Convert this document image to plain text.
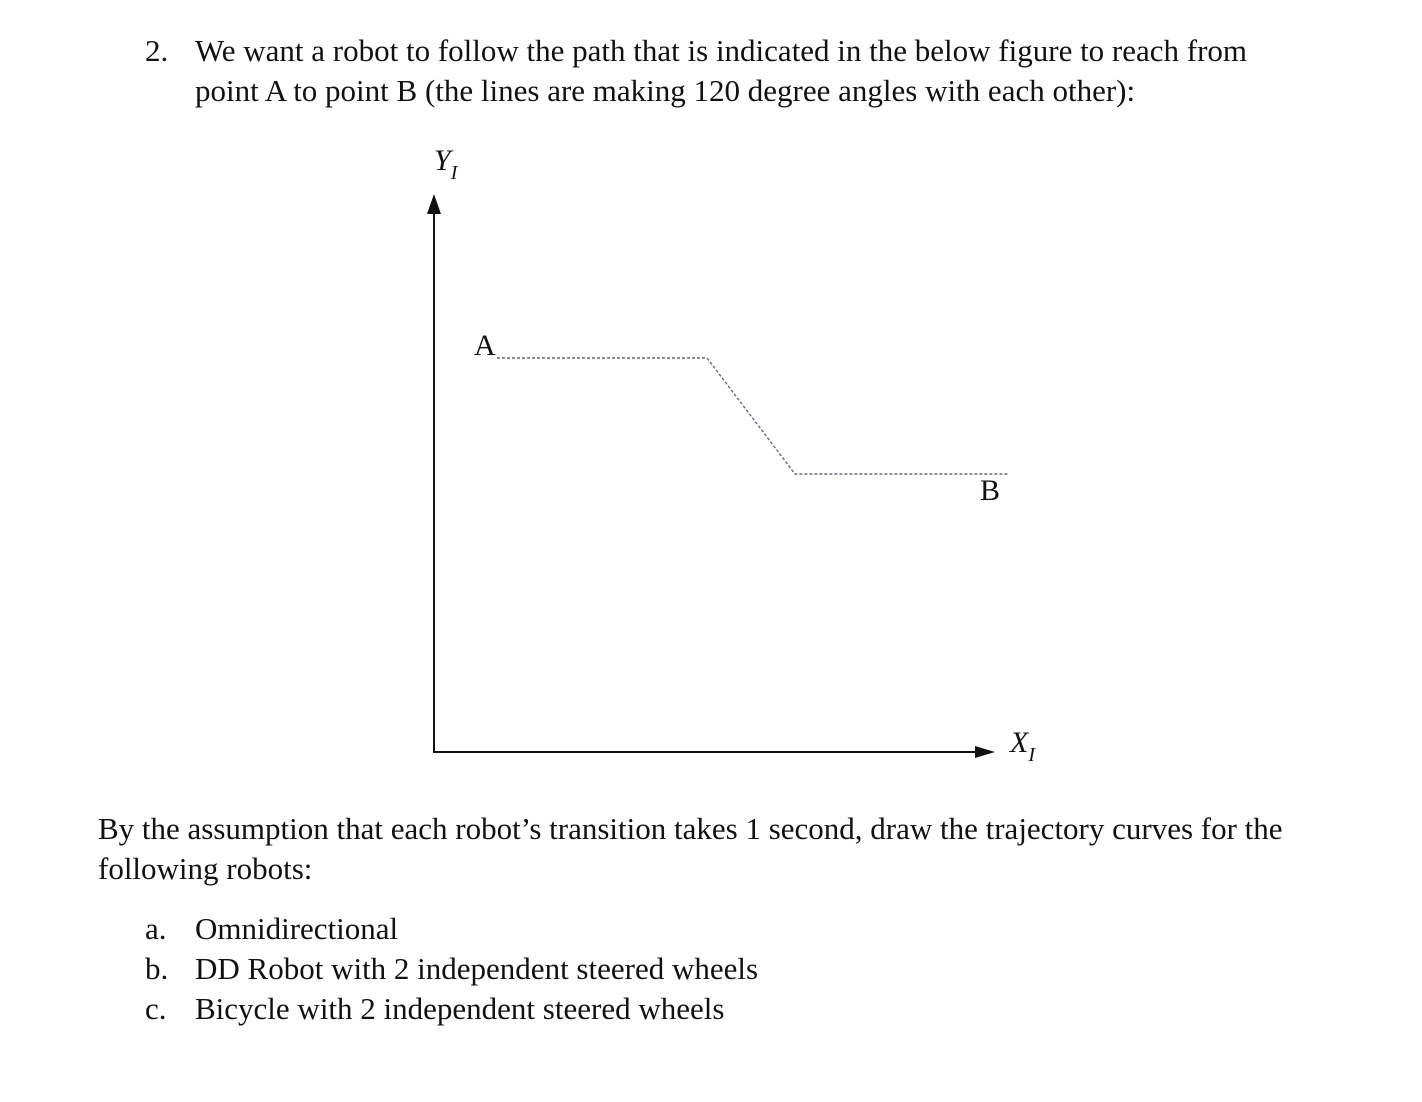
2. We want a robot to follow the path that is indicated in the below figure to reach from
point A to point B (the lines are making 120 degree angles with each other):
$Y_I$
$X_I$
A
B
By the assumption that each robot’s transition takes 1 second, draw the trajectory curves for the
following robots:
a. Omnidirectional
b. DD Robot with 2 independent steered wheels
c. Bicycle with 2 independent steered wheels
